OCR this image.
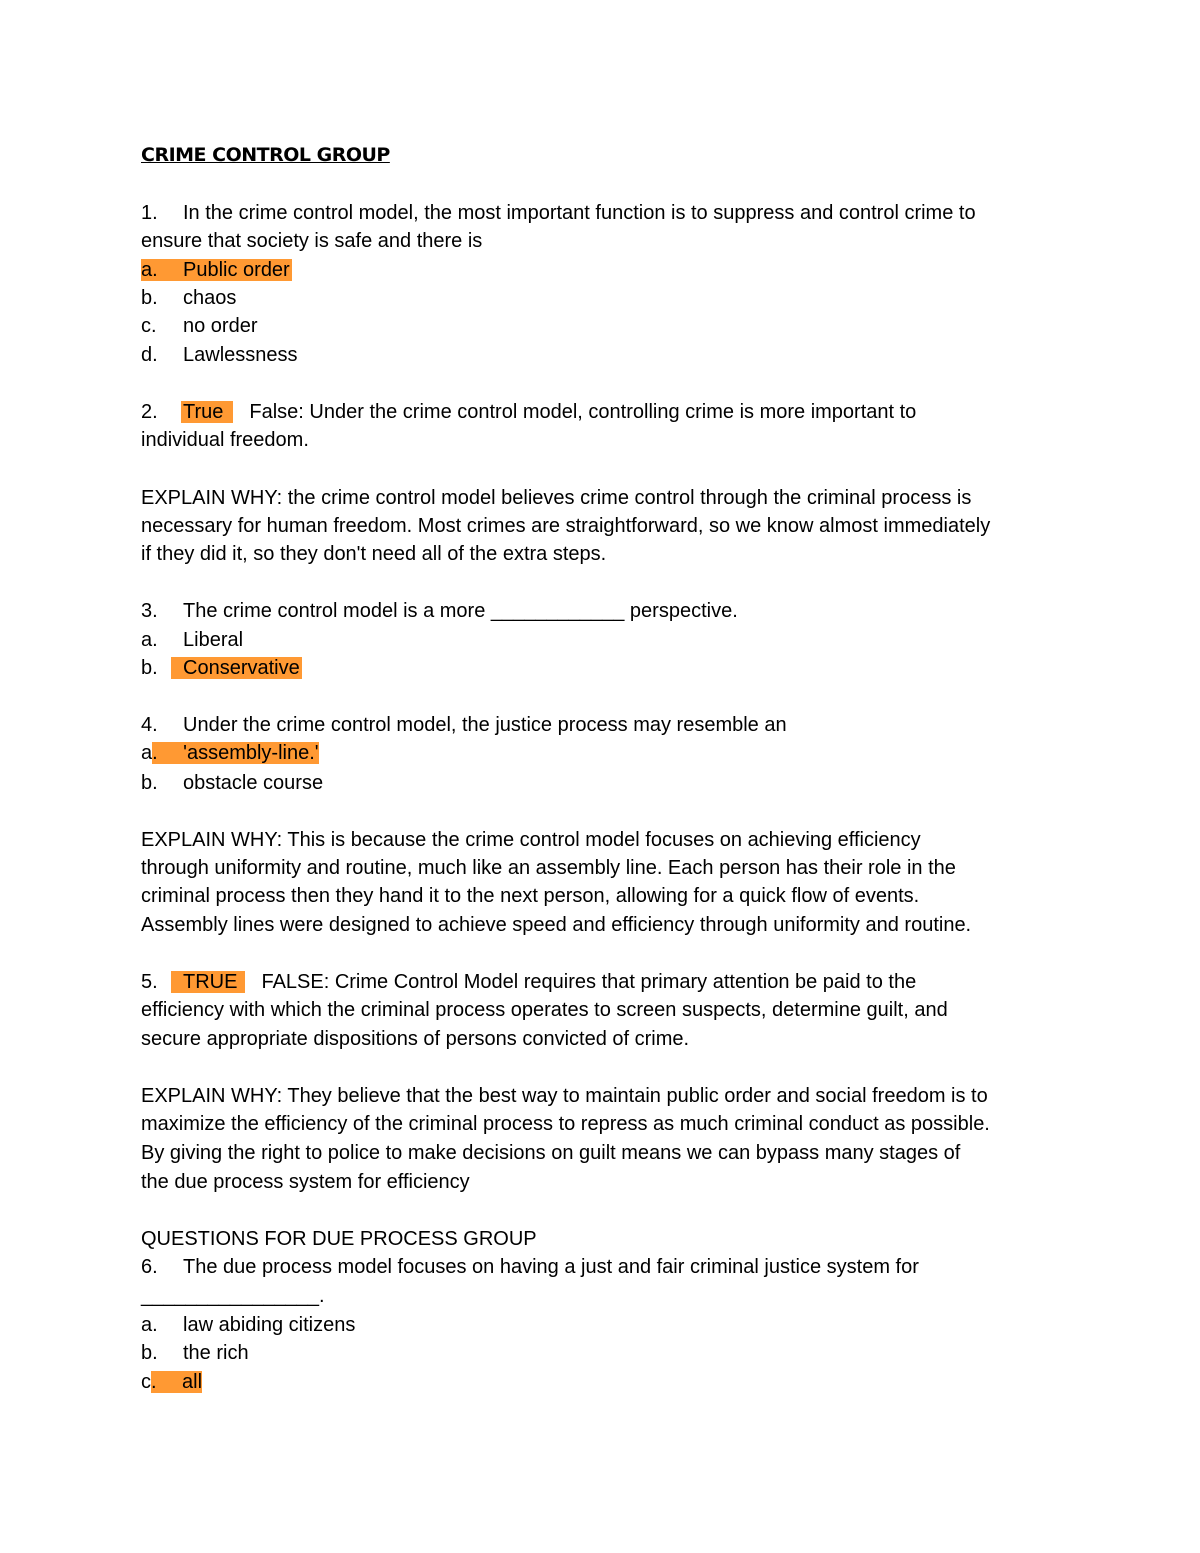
CRIME CONTROL GROUP
1. In the crime control model, the most important function is to suppress and control crime to
ensure that society is safe and there is
a. Public order
b. chaos
c. no order
d. Lawlessness
2. True False: Under the crime control model, controlling crime is more important to
individual freedom.
EXPLAIN WHY: the crime control model believes crime control through the criminal process is
necessary for human freedom. Most crimes are straightforward, so we know almost immediately
if they did it, so they don't need all of the extra steps.
3. The crime control model is a more ____________ perspective.
a. Liberal
b. Conservative
4. Under the crime control model, the justice process may resemble an
a. 'assembly-line.'
b. obstacle course
EXPLAIN WHY: This is because the crime control model focuses on achieving efficiency
through uniformity and routine, much like an assembly line. Each person has their role in the
criminal process then they hand it to the next person, allowing for a quick flow of events.
Assembly lines were designed to achieve speed and efficiency through uniformity and routine.
5. TRUE FALSE: Crime Control Model requires that primary attention be paid to the
efficiency with which the criminal process operates to screen suspects, determine guilt, and
secure appropriate dispositions of persons convicted of crime.
EXPLAIN WHY: They believe that the best way to maintain public order and social freedom is to
maximize the efficiency of the criminal process to repress as much criminal conduct as possible.
By giving the right to police to make decisions on guilt means we can bypass many stages of
the due process system for efficiency
QUESTIONS FOR DUE PROCESS GROUP
6. The due process model focuses on having a just and fair criminal justice system for
________________.
a. law abiding citizens
b. the rich
c. all
